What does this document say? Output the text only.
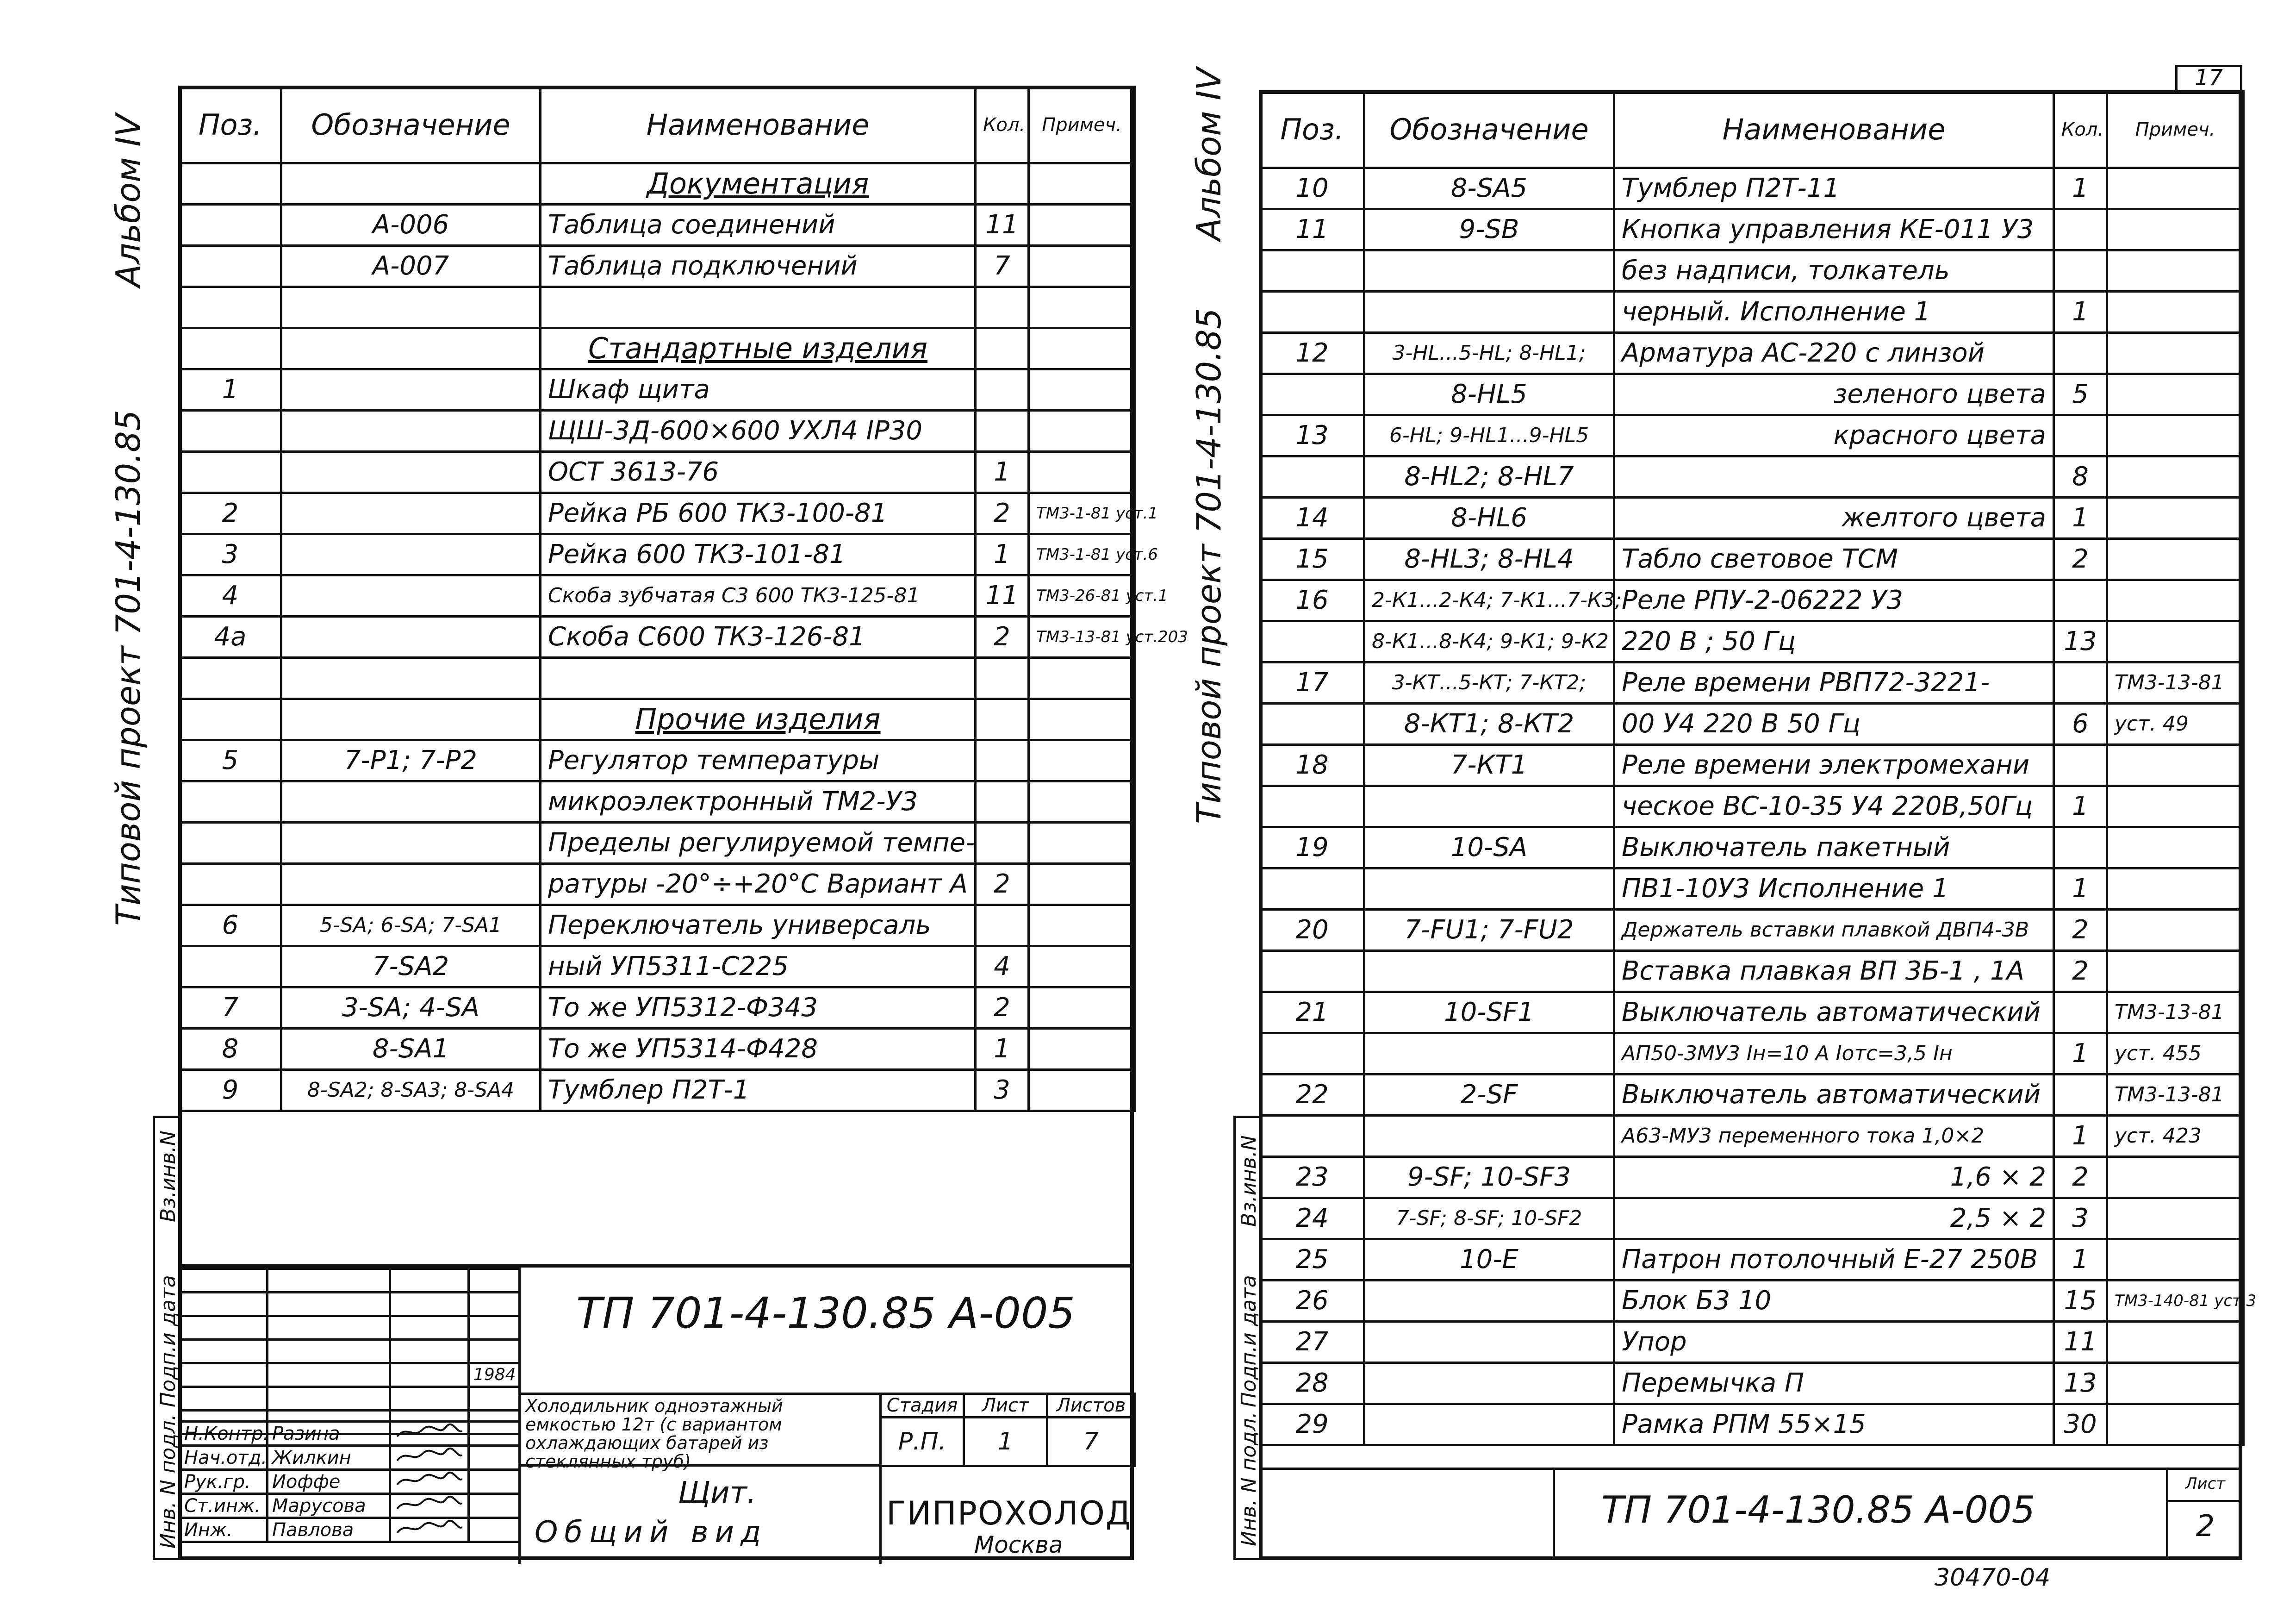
17
Альбом IV
Типовой проект 701-4-130.85
Альбом IV
Типовой проект 701-4-130.85
Вз.инв.N
Подп.и дата
Инв. N подл.
Вз.инв.N
Подп.и дата
Инв. N подл.
Поз.	Обозначение	Наименование	Кол.	Примеч.
		Документация		
	А-006	Таблица соединений	11	
	А-007	Таблица подключений	7	

		Стандартные изделия		
1		Шкаф щита		
		ЩШ-3Д-600×600 УХЛ4 IР30		
		ОСТ 3613-76	1	
2		Рейка РБ 600 ТК3-100-81	2	ТМ3-1-81 уст.1
3		Рейка 600 ТК3-101-81	1	ТМ3-1-81 уст.6
4		Скоба зубчатая С3 600 ТК3-125-81	11	ТМ3-26-81 уст.1
4а		Скоба С600 ТК3-126-81	2	ТМ3-13-81 уст.203

		Прочие изделия		
5	7-Р1; 7-Р2	Регулятор температуры		
		микроэлектронный ТМ2-У3		
		Пределы регулируемой темпе-		
		ратуры -20°÷+20°С Вариант А	2	
6	5-SA; 6-SA; 7-SA1	Переключатель универсаль		
	7-SA2	ный УП5311-С225	4	
7	3-SA; 4-SA	То же УП5312-Ф343	2	
8	8-SA1	То же УП5314-Ф428	1	
9	8-SA2; 8-SA3; 8-SA4	Тумблер П2Т-1	3	
Поз.	Обозначение	Наименование	Кол.	Примеч.
10	8-SA5	Тумблер П2Т-11	1	
11	9-SB	Кнопка управления КЕ-011 У3		
		без надписи, толкатель		
		черный. Исполнение 1	1	
12	3-HL...5-HL; 8-HL1;	Арматура АС-220 с линзой		
	8-HL5	зеленого цвета	5	
13	6-HL; 9-HL1...9-HL5	красного цвета		
	8-HL2; 8-HL7		8	
14	8-HL6	желтого цвета	1	
15	8-HL3; 8-HL4	Табло световое ТСМ	2	
16	2-К1...2-К4; 7-К1...7-К3;	Реле РПУ-2-06222 У3		
	8-К1...8-К4; 9-К1; 9-К2	220 В ; 50 Гц	13	
17	3-КТ...5-КТ; 7-КТ2;	Реле времени РВП72-3221-		ТМ3-13-81
	8-КТ1; 8-КТ2	00 У4 220 В 50 Гц	6	уст. 49
18	7-КТ1	Реле времени электромехани		
		ческое ВС-10-35 У4 220В,50Гц	1	
19	10-SA	Выключатель пакетный		
		ПВ1-10У3 Исполнение 1	1	
20	7-FU1; 7-FU2	Держатель вставки плавкой ДВП4-3В	2	
		Вставка плавкая ВП 3Б-1 , 1А	2	
21	10-SF1	Выключатель автоматический		ТМ3-13-81
		АП50-3МУ3 Iн=10 А Iотс=3,5 Iн	1	уст. 455
22	2-SF	Выключатель автоматический		ТМ3-13-81
		А63-МУ3 переменного тока 1,0×2	1	уст. 423
23	9-SF; 10-SF3	1,6 × 2	2	
24	7-SF; 8-SF; 10-SF2	2,5 × 2	3	
25	10-Е	Патрон потолочный Е-27 250В	1	
26		Блок Б3 10	15	ТМ3-140-81 уст.3
27		Упор	11	
28		Перемычка П	13	
29		Рамка РПМ 55×15	30	

			1984

Н.Контр.	Разина		
Нач.отд.	Жилкин		
Рук.гр.	Иоффе		
Ст.инж.	Марусова		
Инж.	Павлова		
ТП 701-4-130.85 А-005
Холодильник одноэтажный емкостью 12т (с вариантом охлаждающих батарей из стеклянных труб)
Стадия	Лист	Листов
Р.П.	1	7
Щит.
Общий вид	ГИПРОХОЛОД
Москва
ТП 701-4-130.85 А-005
Лист
2
30470-04
